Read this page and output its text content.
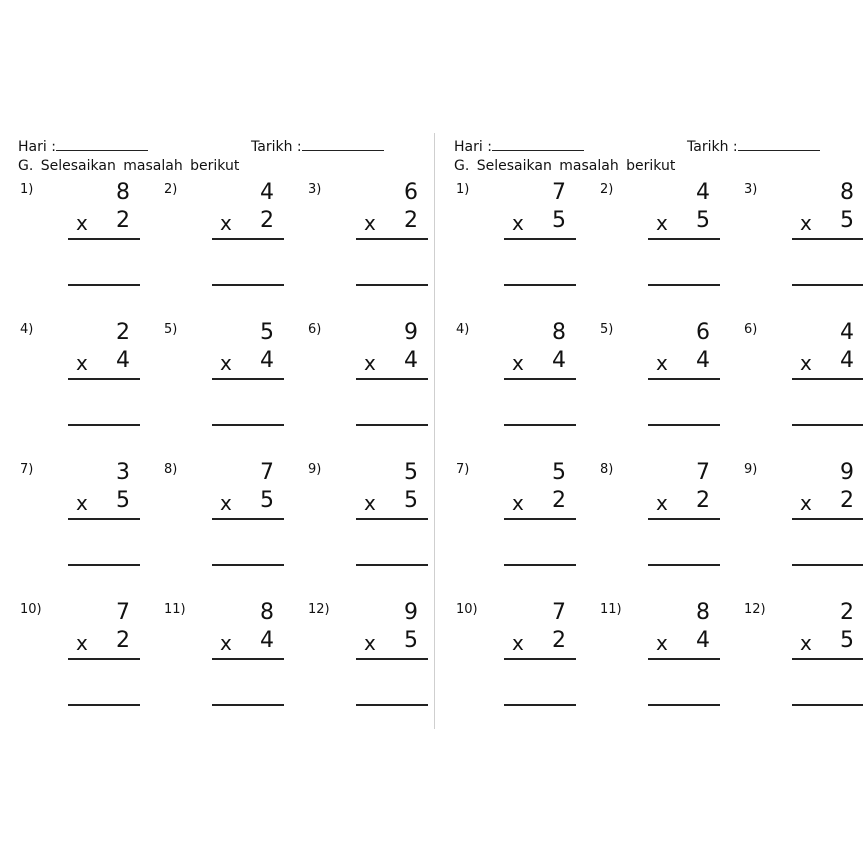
Hari :	Tarikh :
G. Selesaikan masalah berikut
1)	8
x 2
2)	4
x 2
3)	6
x 2
4)	2
x 4
5)	5
x 4
6)	9
x 4
7)	3
x 5
8)	7
x 5
9)	5
x 5
10)	7
x 2
11)	8
x 4
12)	9
x 5
Hari :	Tarikh :
G. Selesaikan masalah berikut
1)	7
x 5
2)	4
x 5
3)	8
x 5
4)	8
x 4
5)	6
x 4
6)	4
x 4
7)	5
x 2
8)	7
x 2
9)	9
x 2
10)	7
x 2
11)	8
x 4
12)	2
x 5
